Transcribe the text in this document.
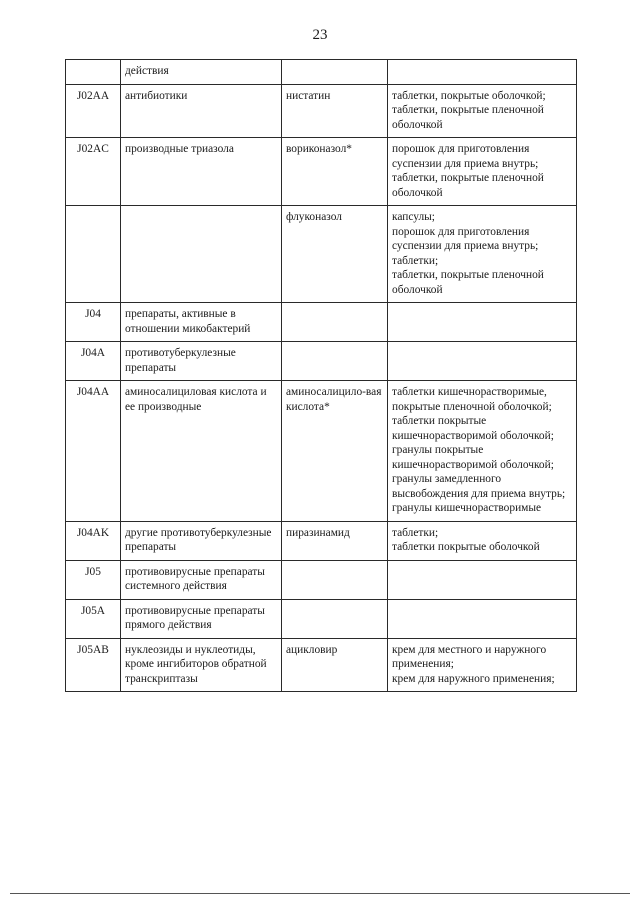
23
	действия		
J02AA	антибиотики	нистатин	таблетки, покрытые оболочкой;
таблетки, покрытые пленочной оболочкой

J02AC	производные триазола	вориконазол*	порошок для приготовления суспензии для приема внутрь;
таблетки, покрытые пленочной оболочкой

		флуконазол	капсулы;
порошок для приготовления суспензии для приема внутрь;
таблетки;
таблетки, покрытые пленочной оболочкой

J04	препараты, активные в отношении микобактерий		
J04A	противотуберкулезные препараты		
J04AA	аминосалициловая кислота и ее производные	аминосалицило-вая кислота*	таблетки кишечнорастворимые, покрытые пленочной оболочкой;
таблетки покрытые кишечнорастворимой оболочкой;
гранулы покрытые кишечнорастворимой оболочкой;
гранулы замедленного высвобождения для приема внутрь;
гранулы кишечнорастворимые

J04AK	другие противотуберкулезные препараты	пиразинамид	таблетки;
таблетки покрытые оболочкой

J05	противовирусные препараты системного действия		
J05A	противовирусные препараты прямого действия		
J05AB	нуклеозиды и нуклеотиды, кроме ингибиторов обратной транскриптазы	ацикловир	крем для местного и наружного применения;
крем для наружного применения;
